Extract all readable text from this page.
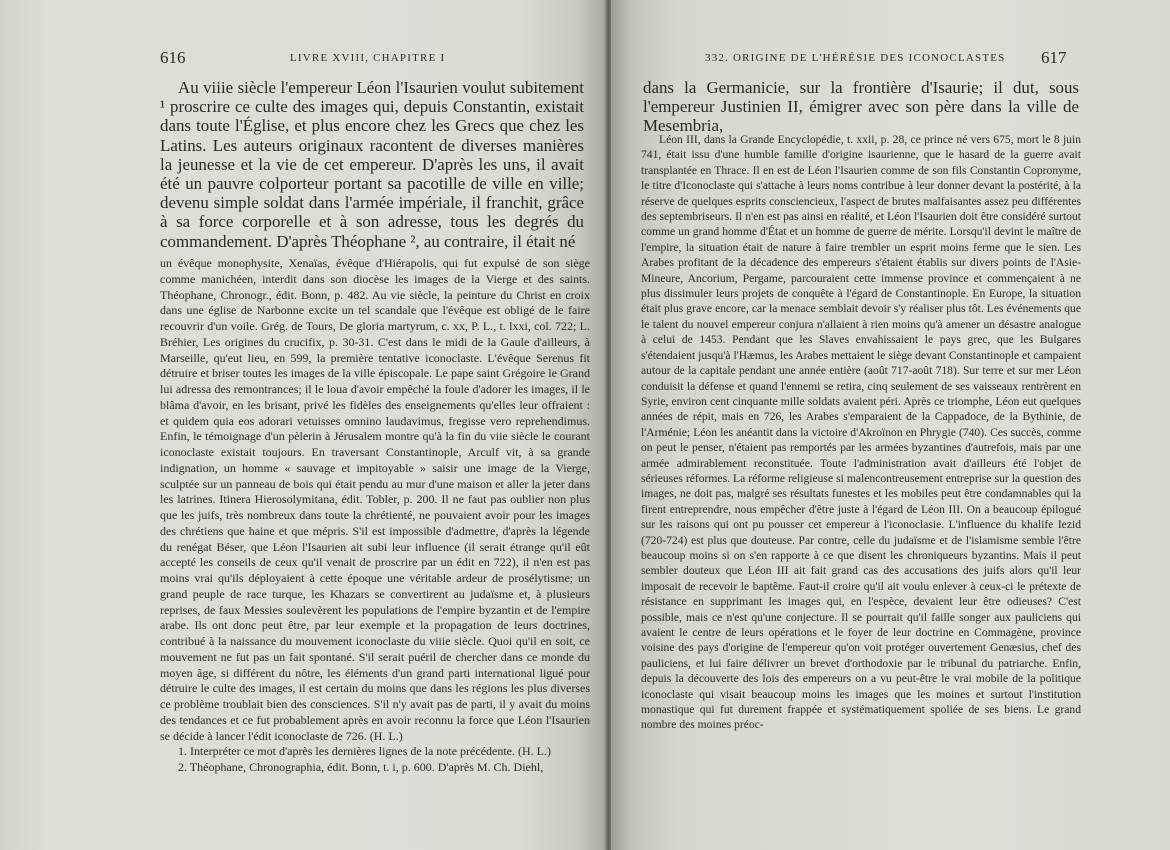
616	LIVRE XVIII, CHAPITRE I

Au viiie siècle l'empereur Léon l'Isaurien voulut subitement ¹ proscrire ce culte des images qui, depuis Constantin, existait dans toute l'Église, et plus encore chez les Grecs que chez les Latins. Les auteurs originaux racontent de diverses manières la jeunesse et la vie de cet empereur. D'après les uns, il avait été un pauvre colporteur portant sa pacotille de ville en ville; devenu simple soldat dans l'armée impériale, il franchit, grâce à sa force corporelle et à son adresse, tous les degrés du commandement. D'après Théophane ², au contraire, il était né

un évêque monophysite, Xenaïas, évêque d'Hiérapolis, qui fut expulsé de son siège comme manichéen, interdit dans son diocèse les images de la Vierge et des saints. Théophane, Chronogr., édit. Bonn, p. 482. Au vie siècle, la peinture du Christ en croix dans une église de Narbonne excite un tel scandale que l'évêque est obligé de le faire recouvrir d'un voile. Grég. de Tours, De gloria martyrum, c. xx, P. L., t. lxxi, col. 722; L. Bréhier, Les origines du crucifix, p. 30-31. C'est dans le midi de la Gaule d'ailleurs, à Marseille, qu'eut lieu, en 599, la première tentative iconoclaste. L'évêque Serenus fit détruire et briser toutes les images de la ville épiscopale. Le pape saint Grégoire le Grand lui adressa des remontrances; il le loua d'avoir empêché la foule d'adorer les images, il le blâma d'avoir, en les brisant, privé les fidèles des enseignements qu'elles leur offraient : et quidem quia eos adorari vetuisses omnino laudavimus, fregisse vero reprehendimus. Enfin, le témoignage d'un pèlerin à Jérusalem montre qu'à la fin du viie siècle le courant iconoclaste existait toujours. En traversant Constantinople, Arculf vit, à sa grande indignation, un homme « sauvage et impitoyable » saisir une image de la Vierge, sculptée sur un panneau de bois qui était pendu au mur d'une maison et aller la jeter dans les latrines. Itinera Hierosolymitana, édit. Tobler, p. 200. Il ne faut pas oublier non plus que les juifs, très nombreux dans toute la chrétienté, ne pouvaient avoir pour les images des chrétiens que haine et que mépris. S'il est impossible d'admettre, d'après la légende du renégat Béser, que Léon l'Isaurien ait subi leur influence (il serait étrange qu'il eût accepté les conseils de ceux qu'il venait de proscrire par un édit en 722), il n'en est pas moins vrai qu'ils déployaient à cette époque une véritable ardeur de prosélytisme; un grand peuple de race turque, les Khazars se convertirent au judaïsme et, à plusieurs reprises, de faux Messies soulevèrent les populations de l'empire byzantin et de l'empire arabe. Ils ont donc peut être, par leur exemple et la propagation de leurs doctrines, contribué à la naissance du mouvement iconoclaste du viiie siècle. Quoi qu'il en soit, ce mouvement ne fut pas un fait spontané. S'il serait puéril de chercher dans ce monde du moyen âge, si différent du nôtre, les éléments d'un grand parti international ligué pour détruire le culte des images, il est certain du moins que dans les régions les plus diverses ce problème troublait bien des consciences. S'il n'y avait pas de parti, il y avait du moins des tendances et ce fut probablement après en avoir reconnu la force que Léon l'Isaurien se décide à lancer l'édit iconoclaste de 726. (H. L.)

1. Interpréter ce mot d'après les dernières lignes de la note précédente. (H. L.)

2. Théophane, Chronographia, édit. Bonn, t. i, p. 600. D'après M. Ch. Diehl,

332. ORIGINE DE L'HÉRÉSIE DES ICONOCLASTES 617

dans la Germanicie, sur la frontière d'Isaurie; il dut, sous l'empereur Justinien II, émigrer avec son père dans la ville de Mesembria,

Léon III, dans la Grande Encyclopédie, t. xxii, p. 28, ce prince né vers 675, mort le 8 juin 741, était issu d'une humble famille d'origine isaurienne, que le hasard de la guerre avait transplantée en Thrace. Il en est de Léon l'Isaurien comme de son fils Constantin Copronyme, le titre d'Iconoclaste qui s'attache à leurs noms contribue à leur donner devant la postérité, à la réserve de quelques esprits consciencieux, l'aspect de brutes malfaisantes assez peu différentes des septembriseurs. Il n'en est pas ainsi en réalité, et Léon l'Isaurien doit être considéré surtout comme un grand homme d'État et un homme de guerre de mérite. Lorsqu'il devint le maître de l'empire, la situation était de nature à faire trembler un esprit moins ferme que le sien. Les Arabes profitant de la décadence des empereurs s'étaient établis sur divers points de l'Asie-Mineure, Ancorium, Pergame, parcouraient cette immense province et commençaient à ne plus dissimuler leurs projets de conquête à l'égard de Constantinople. En Europe, la situation était plus grave encore, car la menace semblait devoir s'y réaliser plus tôt. Les événements que le talent du nouvel empereur conjura n'allaient à rien moins qu'à amener un désastre analogue à celui de 1453. Pendant que les Slaves envahissaient le pays grec, que les Bulgares s'étendaient jusqu'à l'Hæmus, les Arabes mettaient le siège devant Constantinople et campaient autour de la capitale pendant une année entière (août 717-août 718). Sur terre et sur mer Léon conduisit la défense et quand l'ennemi se retira, cinq seulement de ses vaisseaux rentrèrent en Syrie, environ cent cinquante mille soldats avaient péri. Après ce triomphe, Léon eut quelques années de répit, mais en 726, les Arabes s'emparaient de la Cappadoce, de la Bythinie, de l'Arménie; Léon les anéantit dans la victoire d'Akroïnon en Phrygie (740). Ces succès, comme on peut le penser, n'étaient pas remportés par les armées byzantines d'autrefois, mais par une armée admirablement reconstituée. Toute l'administration avait d'ailleurs été l'objet de sérieuses réformes. La réforme religieuse si malencontreusement entreprise sur la question des images, ne doit pas, malgré ses résultats funestes et les mobiles peut être condamnables qui la firent entreprendre, nous empêcher d'être juste à l'égard de Léon III. On a beaucoup épilogué sur les raisons qui ont pu pousser cet empereur à l'iconoclasie. L'influence du khalife Iezid (720-724) est plus que douteuse. Par contre, celle du judaïsme et de l'islamisme semble l'être beaucoup moins si on s'en rapporte à ce que disent les chroniqueurs byzantins. Mais il peut sembler douteux que Léon III ait fait grand cas des accusations des juifs alors qu'il leur imposait de recevoir le baptême. Faut-il croire qu'il ait voulu enlever à ceux-ci le prétexte de résistance en supprimant les images qui, en l'espèce, devaient leur être odieuses? C'est possible, mais ce n'est qu'une conjecture. Il se pourrait qu'il faille songer aux pauliciens qui avaient le centre de leurs opérations et le foyer de leur doctrine en Commagène, province voisine des pays d'origine de l'empereur qu'on voit protéger ouvertement Genæsius, chef des pauliciens, et lui faire délivrer un brevet d'orthodoxie par le tribunal du patriarche. Enfin, depuis la découverte des lois des empereurs on a vu peut-être le vrai mobile de la politique iconoclaste qui visait beaucoup moins les images que les moines et surtout l'institution monastique qui fut durement frappée et systématiquement spoliée de ses biens. Le grand nombre des moines préoc-
